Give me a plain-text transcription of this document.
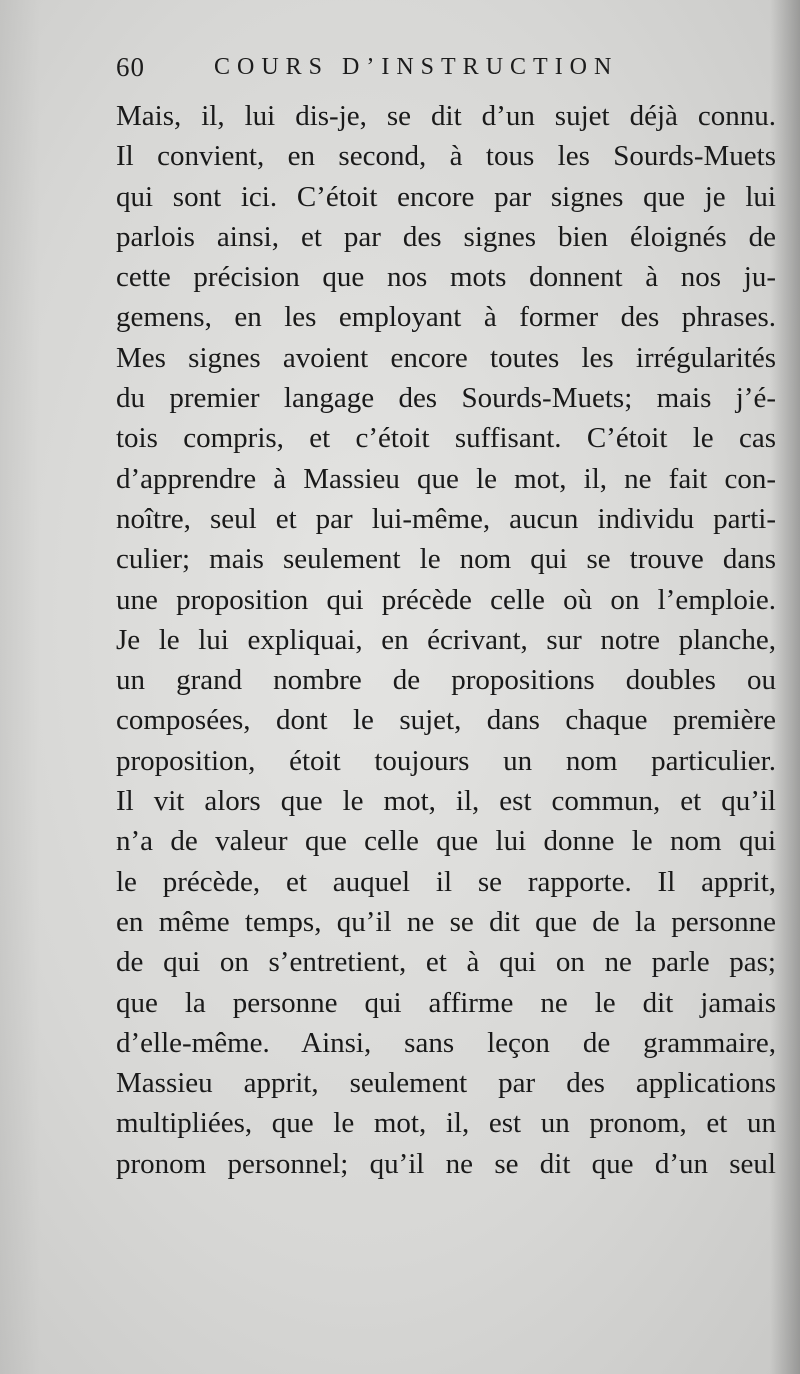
60	COURS D’INSTRUCTION
Mais, il, lui dis-je, se dit d’un sujet déjà connu.
Il convient, en second, à tous les Sourds-Muets
qui sont ici. C’étoit encore par signes que je lui
parlois ainsi, et par des signes bien éloignés de
cette précision que nos mots donnent à nos ju-
gemens, en les employant à former des phrases.
Mes signes avoient encore toutes les irrégularités
du premier langage des Sourds-Muets; mais j’é-
tois compris, et c’étoit suffisant. C’étoit le cas
d’apprendre à Massieu que le mot, il, ne fait con-
noître, seul et par lui-même, aucun individu parti-
culier; mais seulement le nom qui se trouve dans
une proposition qui précède celle où on l’emploie.
Je le lui expliquai, en écrivant, sur notre planche,
un grand nombre de propositions doubles ou
composées, dont le sujet, dans chaque première
proposition, étoit toujours un nom particulier.
Il vit alors que le mot, il, est commun, et qu’il
n’a de valeur que celle que lui donne le nom qui
le précède, et auquel il se rapporte. Il apprit,
en même temps, qu’il ne se dit que de la personne
de qui on s’entretient, et à qui on ne parle pas;
que la personne qui affirme ne le dit jamais
d’elle-même. Ainsi, sans leçon de grammaire,
Massieu apprit, seulement par des applications
multipliées, que le mot, il, est un pronom, et un
pronom personnel; qu’il ne se dit que d’un seul
